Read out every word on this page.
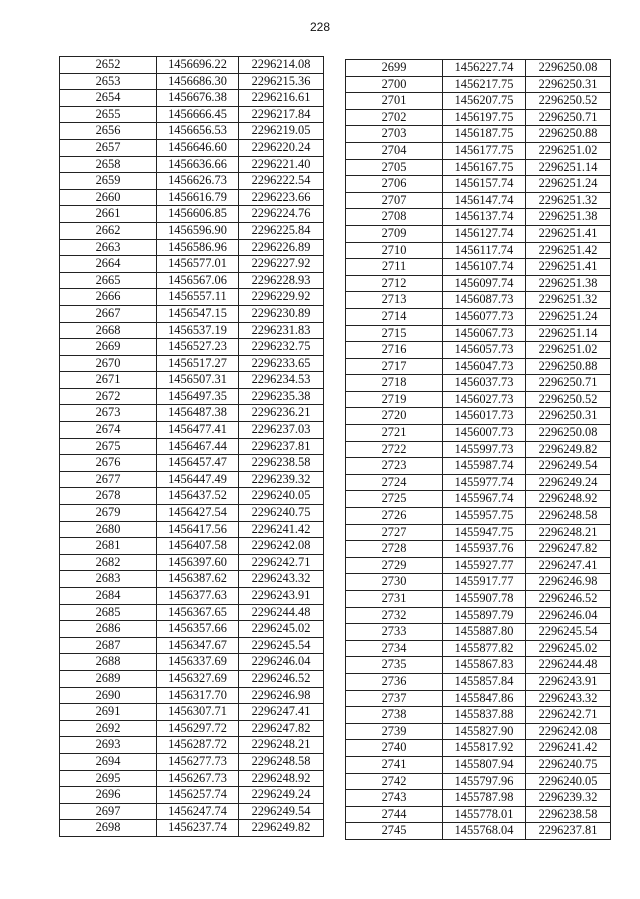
228
2652	1456696.22	2296214.08
2653	1456686.30	2296215.36
2654	1456676.38	2296216.61
2655	1456666.45	2296217.84
2656	1456656.53	2296219.05
2657	1456646.60	2296220.24
2658	1456636.66	2296221.40
2659	1456626.73	2296222.54
2660	1456616.79	2296223.66
2661	1456606.85	2296224.76
2662	1456596.90	2296225.84
2663	1456586.96	2296226.89
2664	1456577.01	2296227.92
2665	1456567.06	2296228.93
2666	1456557.11	2296229.92
2667	1456547.15	2296230.89
2668	1456537.19	2296231.83
2669	1456527.23	2296232.75
2670	1456517.27	2296233.65
2671	1456507.31	2296234.53
2672	1456497.35	2296235.38
2673	1456487.38	2296236.21
2674	1456477.41	2296237.03
2675	1456467.44	2296237.81
2676	1456457.47	2296238.58
2677	1456447.49	2296239.32
2678	1456437.52	2296240.05
2679	1456427.54	2296240.75
2680	1456417.56	2296241.42
2681	1456407.58	2296242.08
2682	1456397.60	2296242.71
2683	1456387.62	2296243.32
2684	1456377.63	2296243.91
2685	1456367.65	2296244.48
2686	1456357.66	2296245.02
2687	1456347.67	2296245.54
2688	1456337.69	2296246.04
2689	1456327.69	2296246.52
2690	1456317.70	2296246.98
2691	1456307.71	2296247.41
2692	1456297.72	2296247.82
2693	1456287.72	2296248.21
2694	1456277.73	2296248.58
2695	1456267.73	2296248.92
2696	1456257.74	2296249.24
2697	1456247.74	2296249.54
2698	1456237.74	2296249.82
2699	1456227.74	2296250.08
2700	1456217.75	2296250.31
2701	1456207.75	2296250.52
2702	1456197.75	2296250.71
2703	1456187.75	2296250.88
2704	1456177.75	2296251.02
2705	1456167.75	2296251.14
2706	1456157.74	2296251.24
2707	1456147.74	2296251.32
2708	1456137.74	2296251.38
2709	1456127.74	2296251.41
2710	1456117.74	2296251.42
2711	1456107.74	2296251.41
2712	1456097.74	2296251.38
2713	1456087.73	2296251.32
2714	1456077.73	2296251.24
2715	1456067.73	2296251.14
2716	1456057.73	2296251.02
2717	1456047.73	2296250.88
2718	1456037.73	2296250.71
2719	1456027.73	2296250.52
2720	1456017.73	2296250.31
2721	1456007.73	2296250.08
2722	1455997.73	2296249.82
2723	1455987.74	2296249.54
2724	1455977.74	2296249.24
2725	1455967.74	2296248.92
2726	1455957.75	2296248.58
2727	1455947.75	2296248.21
2728	1455937.76	2296247.82
2729	1455927.77	2296247.41
2730	1455917.77	2296246.98
2731	1455907.78	2296246.52
2732	1455897.79	2296246.04
2733	1455887.80	2296245.54
2734	1455877.82	2296245.02
2735	1455867.83	2296244.48
2736	1455857.84	2296243.91
2737	1455847.86	2296243.32
2738	1455837.88	2296242.71
2739	1455827.90	2296242.08
2740	1455817.92	2296241.42
2741	1455807.94	2296240.75
2742	1455797.96	2296240.05
2743	1455787.98	2296239.32
2744	1455778.01	2296238.58
2745	1455768.04	2296237.81
